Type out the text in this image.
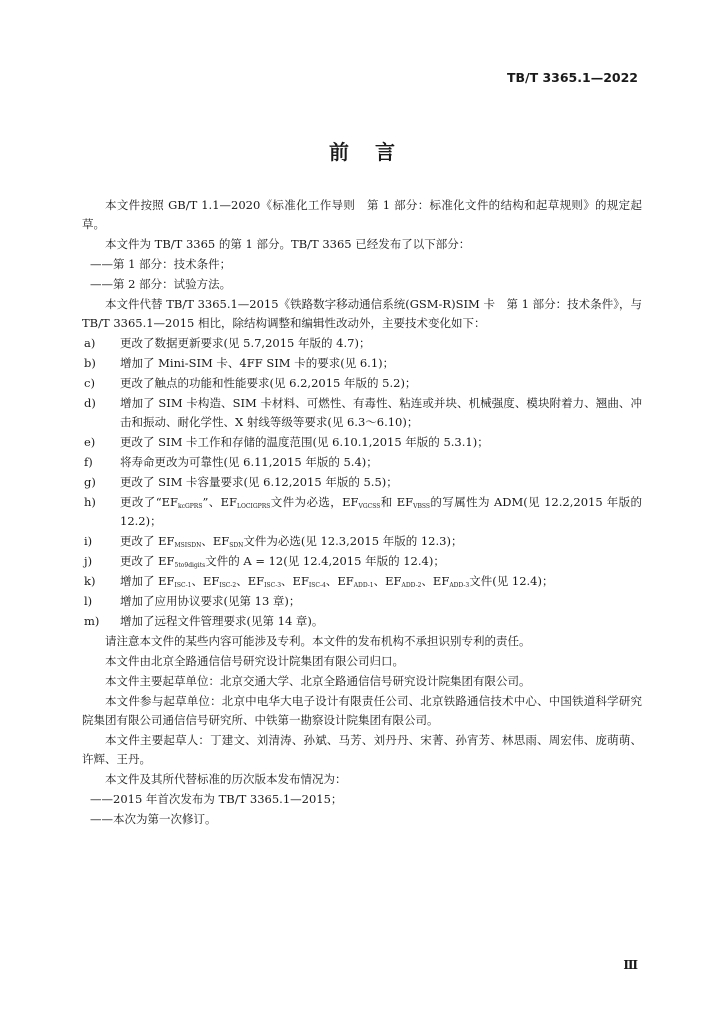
TB/T 3365.1—2022
前言

本文件按照 GB/T 1.1—2020《标准化工作导则　第 1 部分：标准化文件的结构和起草规则》的规定起草。

本文件为 TB/T 3365 的第 1 部分。TB/T 3365 已经发布了以下部分：

——第 1 部分：技术条件；

——第 2 部分：试验方法。

本文件代替 TB/T 3365.1—2015《铁路数字移动通信系统(GSM-R)SIM 卡　第 1 部分：技术条件》，与 TB/T 3365.1—2015 相比，除结构调整和编辑性改动外，主要技术变化如下：

a)	更改了数据更新要求(见 5.7,2015 年版的 4.7)；
b)	增加了 Mini-SIM 卡、4FF SIM 卡的要求(见 6.1)；
c)	更改了触点的功能和性能要求(见 6.2,2015 年版的 5.2)；
d)	增加了 SIM 卡构造、SIM 卡材料、可燃性、有毒性、粘连或并块、机械强度、模块附着力、翘曲、冲击和振动、耐化学性、X 射线等级等要求(见 6.3～6.10)；
e)	更改了 SIM 卡工作和存储的温度范围(见 6.10.1,2015 年版的 5.3.1)；
f)	将寿命更改为可靠性(见 6.11,2015 年版的 5.4)；
g)	更改了 SIM 卡容量要求(见 6.12,2015 年版的 5.5)；
h)	更改了“$EF_{kcGPRS}$”、$EF_{LOCIGPRS}$文件为必选，$EF_{VGCSS}$和 $EF_{VBSS}$的写属性为 ADM(见 12.2,2015 年版的 12.2)；
i)	更改了 $EF_{MSISDN}$、$EF_{SDN}$文件为必选(见 12.3,2015 年版的 12.3)；
j)	更改了 $EF_{5to9digits}$文件的 A = 12(见 12.4,2015 年版的 12.4)；
k)	增加了 $EF_{ISC-1}$、$EF_{ISC-2}$、$EF_{ISC-3}$、$EF_{ISC-4}$、$EF_{ADD-1}$、$EF_{ADD-2}$、$EF_{ADD-3}$文件(见 12.4)；
l)	增加了应用协议要求(见第 13 章)；
m)	增加了远程文件管理要求(见第 14 章)。

请注意本文件的某些内容可能涉及专利。本文件的发布机构不承担识别专利的责任。

本文件由北京全路通信信号研究设计院集团有限公司归口。

本文件主要起草单位：北京交通大学、北京全路通信信号研究设计院集团有限公司。

本文件参与起草单位：北京中电华大电子设计有限责任公司、北京铁路通信技术中心、中国铁道科学研究院集团有限公司通信信号研究所、中铁第一勘察设计院集团有限公司。

本文件主要起草人：丁建文、刘清涛、孙斌、马芳、刘丹丹、宋菁、孙宵芳、林思雨、周宏伟、庞萌萌、许辉、王丹。

本文件及其所代替标准的历次版本发布情况为：

——2015 年首次发布为 TB/T 3365.1—2015；

——本次为第一次修订。

Ⅲ
